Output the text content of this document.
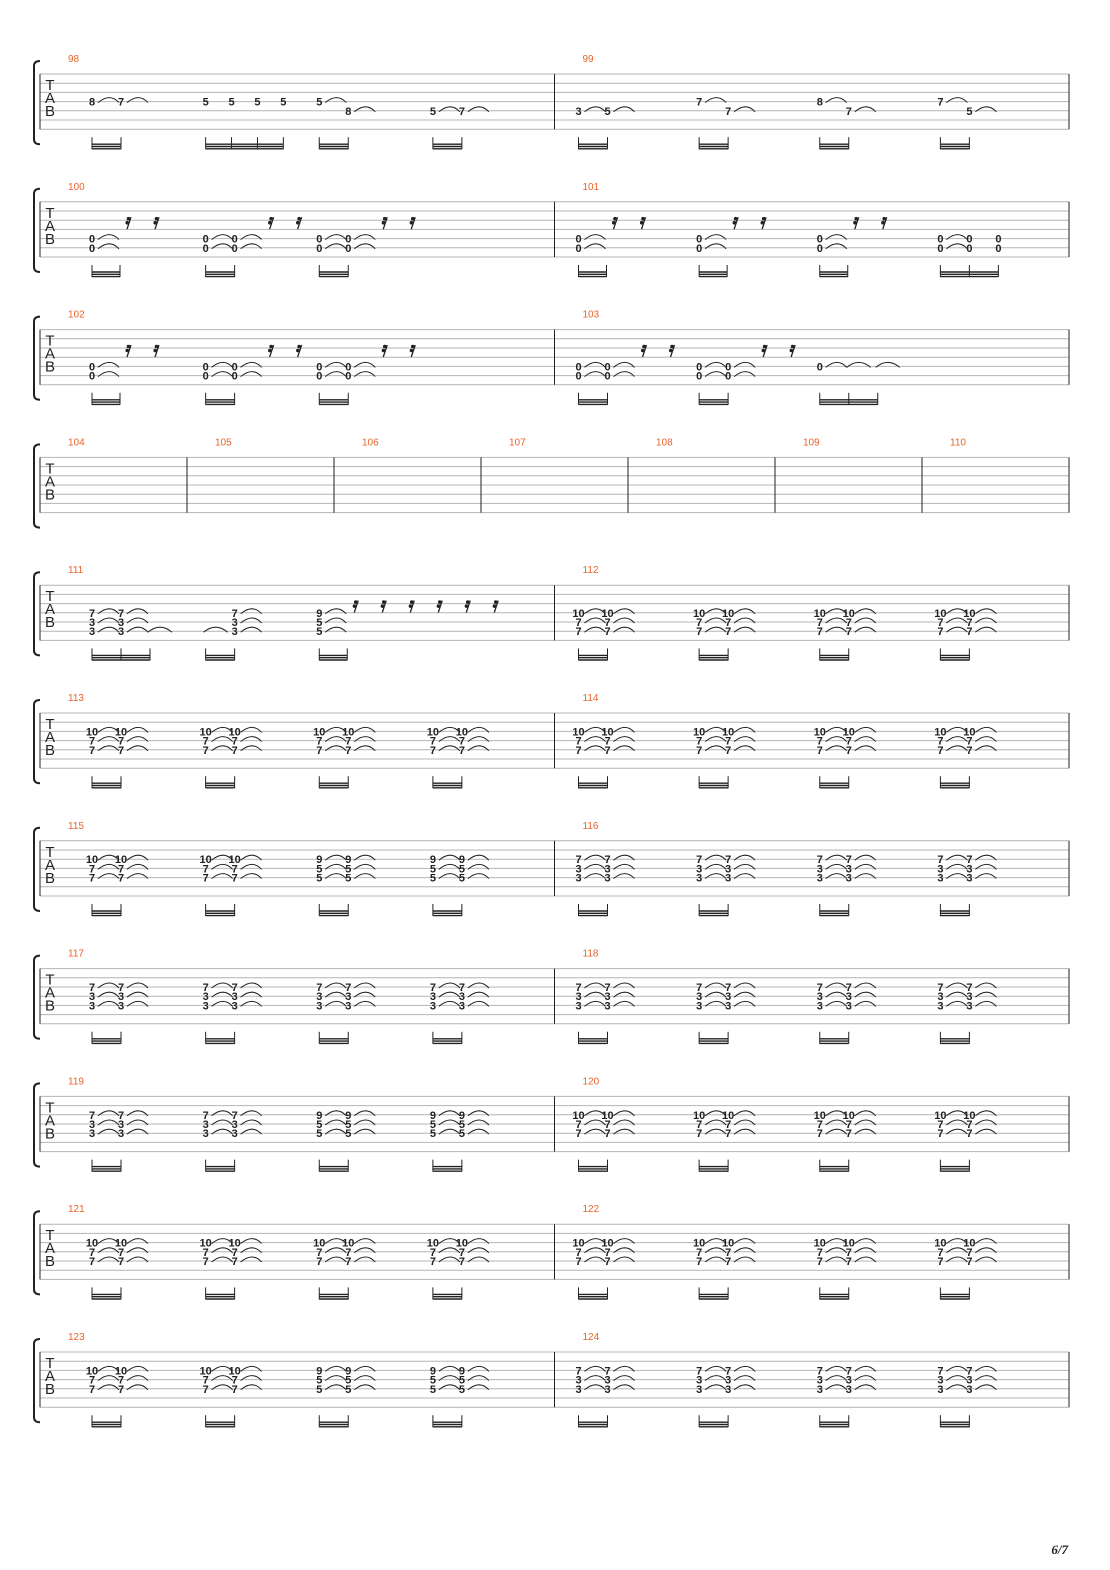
T
A
B
98
8 7	5 5 5 5	5
8	5 7
99
3 5
7
7
8
7
7
5
T
A
B
100
0
0
0
0
0
0
0
0
0
0
101
0
0
0
0
0
0
0
0
0
0
0
0
T
A
B
102
0
0
0
0
0
0
0
0
0
0
103
0
0
0
0
0
0
0
0
0
T
A
B
104	105	106	107	108	109	110
T
A
B
111
7
3
3
7
3
3
7
3
3
9
5
5
112
10
7
7
10
7
7
10
7
7
10
7
7
10
7
7
10
7
7
10
7
7
10
7
7
T
A
B
113
10
7
7
10
7
7
10
7
7
10
7
7
10
7
7
10
7
7
10
7
7
10
7
7
114
10
7
7
10
7
7
10
7
7
10
7
7
10
7
7
10
7
7
10
7
7
10
7
7
T
A
B
115
10
7
7
10
7
7
10
7
7
10
7
7
9
5
5
9
5
5
9
5
5
9
5
5
116
7
3
3
7
3
3
7
3
3
7
3
3
7
3
3
7
3
3
7
3
3
7
3
3
T
A
B
117
7
3
3
7
3
3
7
3
3
7
3
3
7
3
3
7
3
3
7
3
3
7
3
3
118
7
3
3
7
3
3
7
3
3
7
3
3
7
3
3
7
3
3
7
3
3
7
3
3
T
A
B
119
7
3
3
7
3
3
7
3
3
7
3
3
9
5
5
9
5
5
9
5
5
9
5
5
120
10
7
7
10
7
7
10
7
7
10
7
7
10
7
7
10
7
7
10
7
7
10
7
7
T
A
B
121
10
7
7
10
7
7
10
7
7
10
7
7
10
7
7
10
7
7
10
7
7
10
7
7
122
10
7
7
10
7
7
10
7
7
10
7
7
10
7
7
10
7
7
10
7
7
10
7
7
T
A
B
123
10
7
7
10
7
7
10
7
7
10
7
7
9
5
5
9
5
5
9
5
5
9
5
5
124
7
3
3
7
3
3
7
3
3
7
3
3
7
3
3
7
3
3
7
3
3
7
3
3
6/7
